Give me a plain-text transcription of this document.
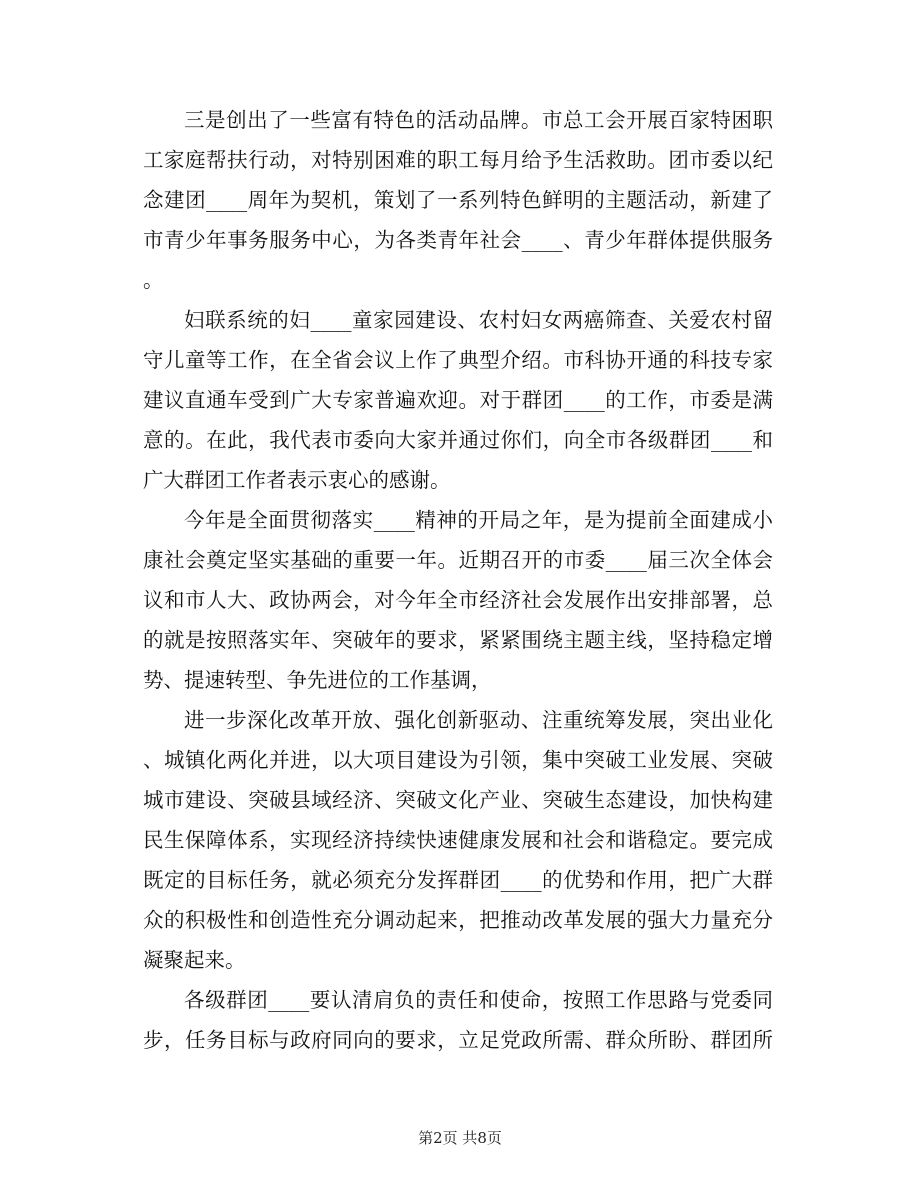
三是创出了一些富有特色的活动品牌。市总工会开展百家特困职
工家庭帮扶行动，对特别困难的职工每月给予生活救助。团市委以纪
念建团____周年为契机，策划了一系列特色鲜明的主题活动，新建了
市青少年事务服务中心，为各类青年社会____、青少年群体提供服务
。
妇联系统的妇____童家园建设、农村妇女两癌筛查、关爱农村留
守儿童等工作，在全省会议上作了典型介绍。市科协开通的科技专家
建议直通车受到广大专家普遍欢迎。对于群团____的工作，市委是满
意的。在此，我代表市委向大家并通过你们，向全市各级群团____和
广大群团工作者表示衷心的感谢。
今年是全面贯彻落实____精神的开局之年，是为提前全面建成小
康社会奠定坚实基础的重要一年。近期召开的市委____届三次全体会
议和市人大、政协两会，对今年全市经济社会发展作出安排部署，总
的就是按照落实年、突破年的要求，紧紧围绕主题主线，坚持稳定增
势、提速转型、争先进位的工作基调，
进一步深化改革开放、强化创新驱动、注重统筹发展，突出业化
、城镇化两化并进，以大项目建设为引领，集中突破工业发展、突破
城市建设、突破县域经济、突破文化产业、突破生态建设，加快构建
民生保障体系，实现经济持续快速健康发展和社会和谐稳定。要完成
既定的目标任务，就必须充分发挥群团____的优势和作用，把广大群
众的积极性和创造性充分调动起来，把推动改革发展的强大力量充分
凝聚起来。
各级群团____要认清肩负的责任和使命，按照工作思路与党委同
步，任务目标与政府同向的要求，立足党政所需、群众所盼、群团所
第2页 共8页
